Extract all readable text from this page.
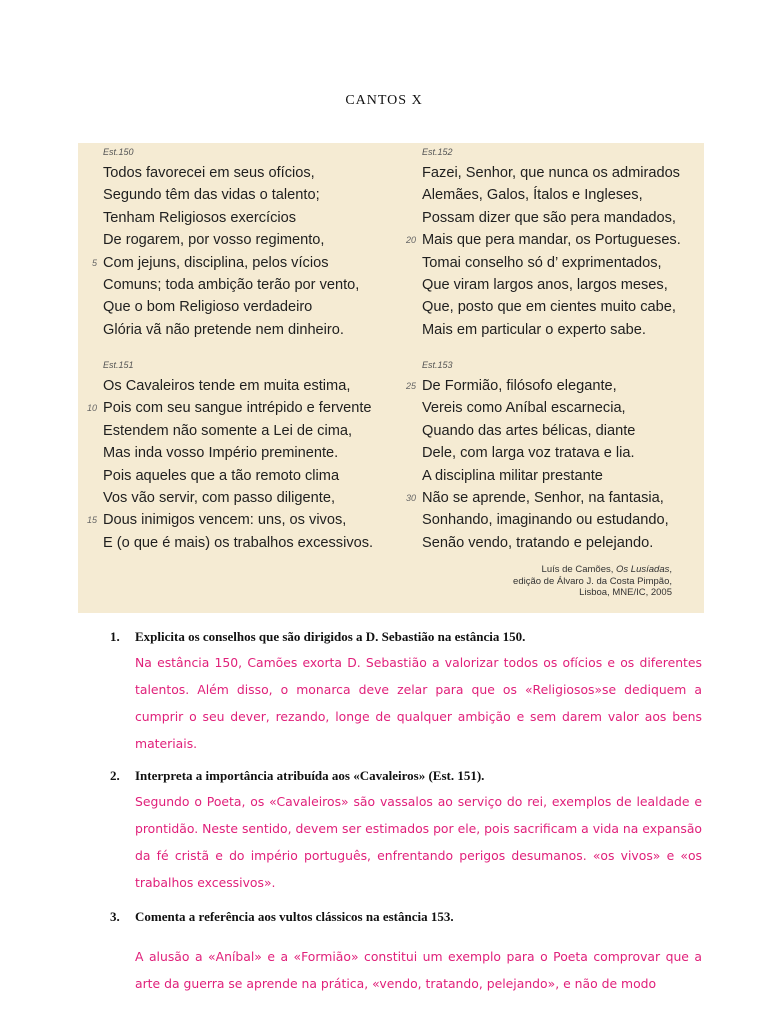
CANTOS X
Est.150
Todos favorecei em seus ofícios,
Segundo têm das vidas o talento;
Tenham Religiosos exercícios
De rogarem, por vosso regimento,
5 Com jejuns, disciplina, pelos vícios
Comuns; toda ambição terão por vento,
Que o bom Religioso verdadeiro
Glória vã não pretende nem dinheiro.
Est.151
Os Cavaleiros tende em muita estima,
10 Pois com seu sangue intrépido e fervente
Estendem não somente a Lei de cima,
Mas inda vosso Império preminente.
Pois aqueles que a tão remoto clima
Vos vão servir, com passo diligente,
15 Dous inimigos vencem: uns, os vivos,
E (o que é mais) os trabalhos excessivos.
Est.152
Fazei, Senhor, que nunca os admirados
Alemães, Galos, Ítalos e Ingleses,
Possam dizer que são pera mandados,
20 Mais que pera mandar, os Portugueses.
Tomai conselho só d’ exprimentados,
Que viram largos anos, largos meses,
Que, posto que em cientes muito cabe,
Mais em particular o experto sabe.
Est.153
25 De Formião, filósofo elegante,
Vereis como Aníbal escarnecia,
Quando das artes bélicas, diante
Dele, com larga voz tratava e lia.
A disciplina militar prestante
30 Não se aprende, Senhor, na fantasia,
Sonhando, imaginando ou estudando,
Senão vendo, tratando e pelejando.
Luís de Camões, Os Lusíadas,
edição de Álvaro J. da Costa Pimpão,
Lisboa, MNE/IC, 2005
1. Explicita os conselhos que são dirigidos a D. Sebastião na estância 150.
Na estância 150, Camões exorta D. Sebastião a valorizar todos os ofícios e os diferentes talentos. Além disso, o monarca deve zelar para que os «Religiosos»se dediquem a cumprir o seu dever, rezando, longe de qualquer ambição e sem darem valor aos bens materiais.
2. Interpreta a importância atribuída aos «Cavaleiros» (Est. 151).
Segundo o Poeta, os «Cavaleiros» são vassalos ao serviço do rei, exemplos de lealdade e prontidão. Neste sentido, devem ser estimados por ele, pois sacrificam a vida na expansão da fé cristã e do império português, enfrentando perigos desumanos. «os vivos» e «os trabalhos excessivos».
3. Comenta a referência aos vultos clássicos na estância 153.
A alusão a «Aníbal» e a «Formião» constitui um exemplo para o Poeta comprovar que a arte da guerra se aprende na prática, «vendo, tratando, pelejando», e não de modo
